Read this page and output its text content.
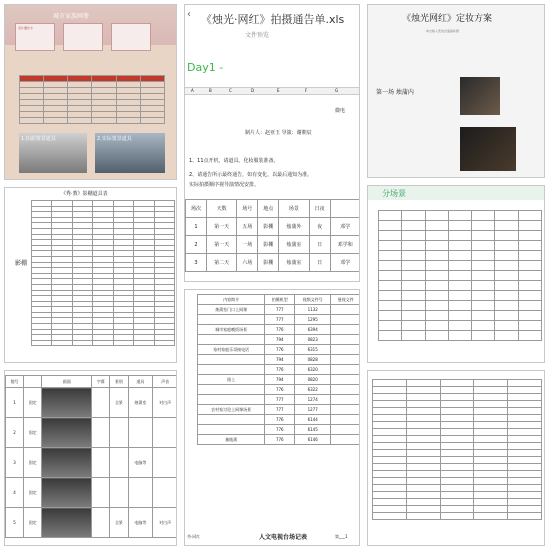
城市家族画册
名片通告卡

1.拍前置景道具	2.实际置景道具
‹ 《烛光·网红》拍摄通告单.xls
文件预览
Day1 -
A	B	C	D	E	F	G
微电
制片人：赵亚玉 导演：谢朝辰
1、11点开机，请道具、化妆服装准备。
2、请通告所示最终通告，如有变化，以最后通知为准。
实际拍摄顺序视导演情况安排。
场次	天数	场号	地点	场景	日夜	
1	第一天	五场	影棚	烛蒲外	夜	邓学
2	第一天	一场	影棚	烛蒲室	日	邓学和
3	第二天	六场	影棚	烛蒲室	日	邓学
《烛光网红》定妆方案
单击输入您的封面副标题
第一场 烛蒲内
《秀·教》影棚道具表
影棚

分场景

内容简介	拍摄机型	视频文件号	曼视文件
烛蒲室门口上网课	777	1132	
	777	1295	
城市家庭晚饭场景	776	6394	
	794	0823	
家村家庭乐哥接电话	776	6315	
	794	0828	
	776	6320	
阳上	794	0820	
	776	6322	
	777	1274	
农村家讨论上网课场景	777	1277	
	776	6144	
	776	6145	
抽地蒲	776	6146	
秀·网红	人文电视台场记表	第___1
镜号		画面	字幕	景别	道具	声音
1	固定			全景	烛蒲室	对白声
2	固定					
3	固定				电脑等	
4	固定					
5	固定			全景	电脑等	对白声
